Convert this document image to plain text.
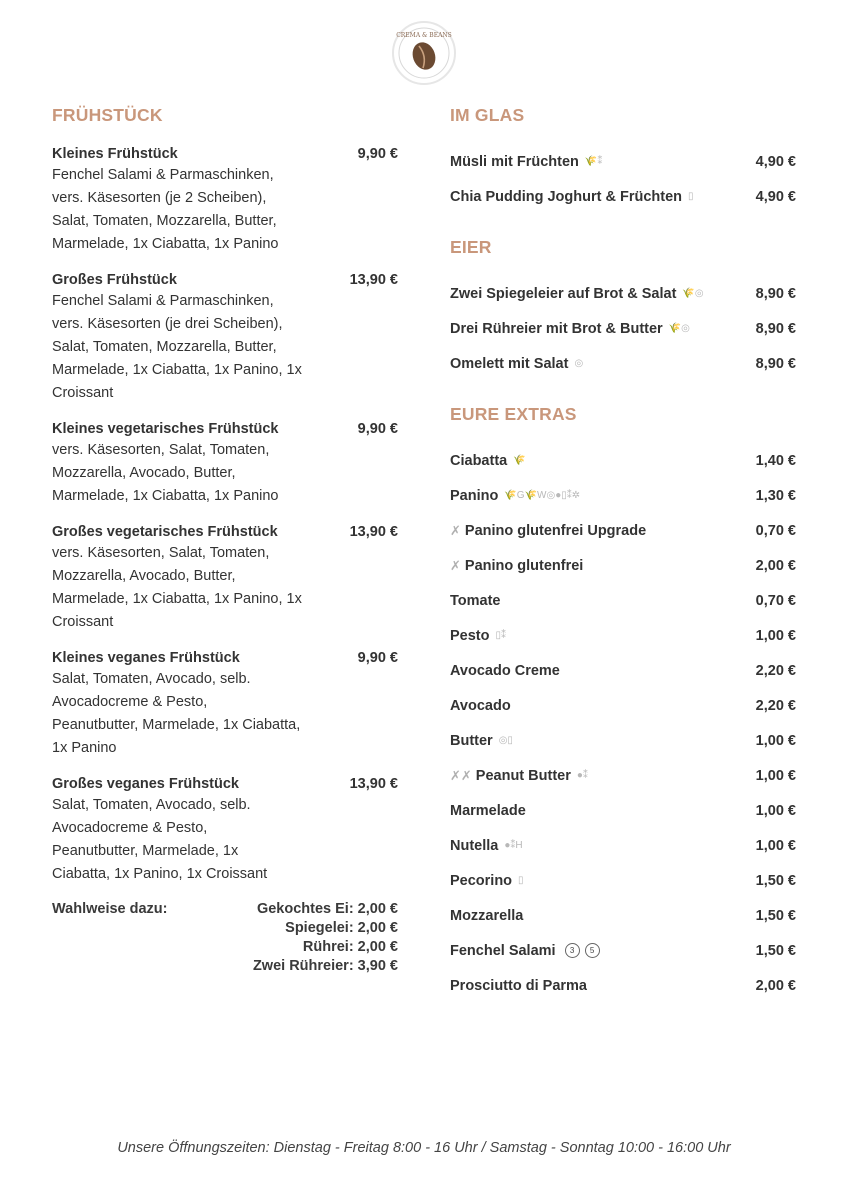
CREMA & BEANS
FRÜHSTÜCK
Kleines Frühstück	9,90 €
Fenchel Salami & Parmaschinken,
vers. Käsesorten (je 2 Scheiben),
Salat, Tomaten, Mozzarella, Butter,
Marmelade, 1x Ciabatta, 1x Panino
Großes Frühstück	13,90 €
Fenchel Salami & Parmaschinken,
vers. Käsesorten (je drei Scheiben),
Salat, Tomaten, Mozzarella, Butter,
Marmelade, 1x Ciabatta, 1x Panino, 1x
Croissant
Kleines vegetarisches Frühstück	9,90 €
vers. Käsesorten, Salat, Tomaten,
Mozzarella, Avocado, Butter,
Marmelade, 1x Ciabatta, 1x Panino
Großes vegetarisches Frühstück	13,90 €
vers. Käsesorten, Salat, Tomaten,
Mozzarella, Avocado, Butter,
Marmelade, 1x Ciabatta, 1x Panino, 1x
Croissant
Kleines veganes Frühstück	9,90 €
Salat, Tomaten, Avocado, selb.
Avocadocreme & Pesto,
Peanutbutter, Marmelade, 1x Ciabatta,
1x Panino
Großes veganes Frühstück	13,90 €
Salat, Tomaten, Avocado, selb.
Avocadocreme & Pesto,
Peanutbutter, Marmelade, 1x
Ciabatta, 1x Panino, 1x Croissant
Wahlweise dazu:	Gekochtes Ei: 2,00 €
Spiegelei: 2,00 €
Rührei: 2,00 €
Zwei Rühreier: 3,90 €
IM GLAS
Müsli mit Früchten 🌾⁑	4,90 €
Chia Pudding Joghurt & Früchten ▯	4,90 €
EIER
Zwei Spiegeleier auf Brot & Salat 🌾◎	8,90 €
Drei Rühreier mit Brot & Butter 🌾◎	8,90 €
Omelett mit Salat ◎	8,90 €
EURE EXTRAS
Ciabatta 🌾	1,40 €
Panino 🌾G🌾W◎●▯⁑✲	1,30 €
✗ Panino glutenfrei Upgrade	0,70 €
✗ Panino glutenfrei	2,00 €
Tomate	0,70 €
Pesto ▯⁑	1,00 €
Avocado Creme	2,20 €
Avocado	2,20 €
Butter ◎▯	1,00 €
✗✗ Peanut Butter ●⁑	1,00 €
Marmelade	1,00 €
Nutella ●⁑H	1,00 €
Pecorino ▯	1,50 €
Mozzarella	1,50 €
Fenchel Salami	3	5	1,50 €
Prosciutto di Parma	2,00 €
Unsere Öffnungszeiten: Dienstag - Freitag 8:00 - 16 Uhr / Samstag - Sonntag 10:00 - 16:00 Uhr
